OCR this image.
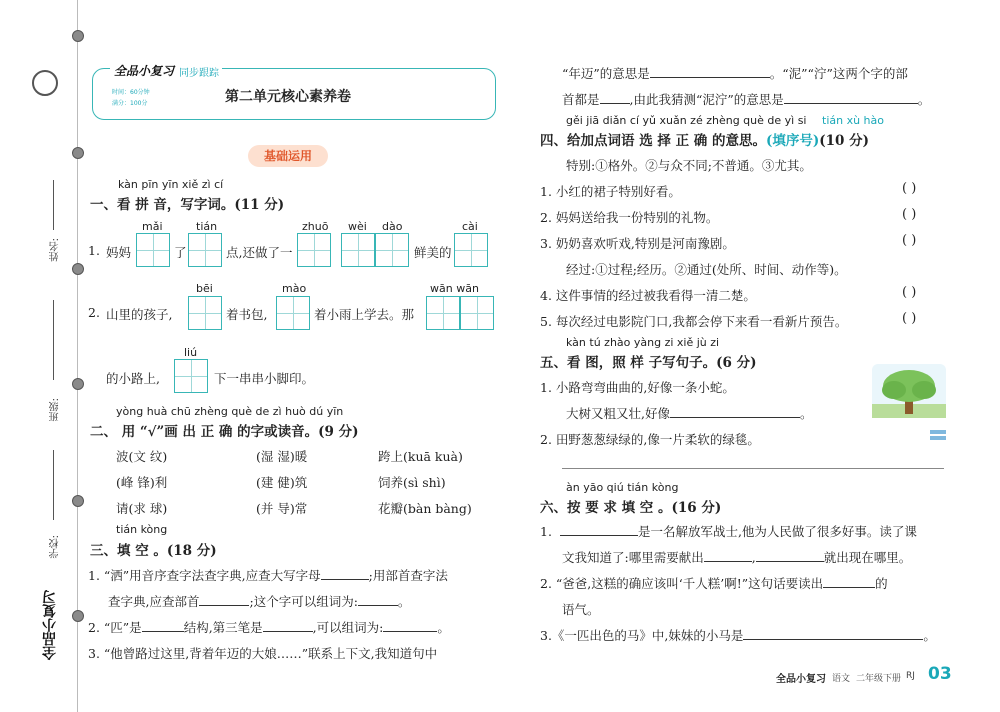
姓名:
班级:
学校:
全品小复习
全品小复习 同步跟踪
时间：60分钟
满分：100分	第二单元核心素养卷
基础运用
kàn pīn yīn xiě zì cí
一、看 拼 音，写字词。(11 分)
mǎi	tián	zhuō wèi dào	cài
1. 妈妈	了	点,还做了一	鲜美的
bēi	mào	wān wān
2. 山里的孩子,	着书包,	着小雨上学去。那
liú
的小路上,	下一串串小脚印。
yòng huà chū zhèng què de zì huò dú yīn
二、 用 “√”画 出 正 确 的字或读音。(9 分)
波(文 纹)	(湿 湿)暖	跨上(kuā kuà)
(峰 锋)利	(建 健)筑	饲养(sì shì)
请(求 球)	(并 导)常	花瓣(bàn bàng)
tián kòng
三、填 空 。(18 分)
1. “洒”用音序查字法查字典,应查大写字母	;用部首查字法
查字典,应查部首	;这个字可以组词为:	。
2. “匹”是	结构,第三笔是	,可以组词为:	。
3. “他曾路过这里,背着年迈的大娘……”联系上下文,我知道句中
“年迈”的意思是	。“泥”“泞”这两个字的部
首都是 ,由此我猜测“泥泞”的意思是	。
gěi jiā diǎn cí yǔ xuǎn zé zhèng què de yì si tián xù hào
四、给加点词语 选 择 正 确 的意思。(填序号)(10 分)
特别:①格外。②与众不同;不普通。③尤其。
1. 小红的裙子特别好看。	( )
2. 妈妈送给我一份特别的礼物。	( )
3. 奶奶喜欢听戏,特别是河南豫剧。	( )
经过:①过程;经历。②通过(处所、时间、动作等)。
4. 这件事情的经过被我看得一清二楚。	( )
5. 每次经过电影院门口,我都会停下来看一看新片预告。	( )
kàn tú zhào yàng zi xiě jù zi
五、看 图，照 样 子写句子。(6 分)
1. 小路弯弯曲曲的,好像一条小蛇。
大树又粗又壮,好像	。
2. 田野葱葱绿绿的,像一片柔软的绿毯。
àn yāo qiú tián kòng
六、按 要 求 填 空 。(16 分)
1.	是一名解放军战士,他为人民做了很多好事。读了课
文我知道了:哪里需要献出	,	就出现在哪里。
2. “爸爸,这糕的确应该叫‘千人糕’啊!”这句话要读出	的
语气。
3.《一匹出色的马》中,妹妹的小马是	。
全品小复习 语文 二年级下册 RJ 03
